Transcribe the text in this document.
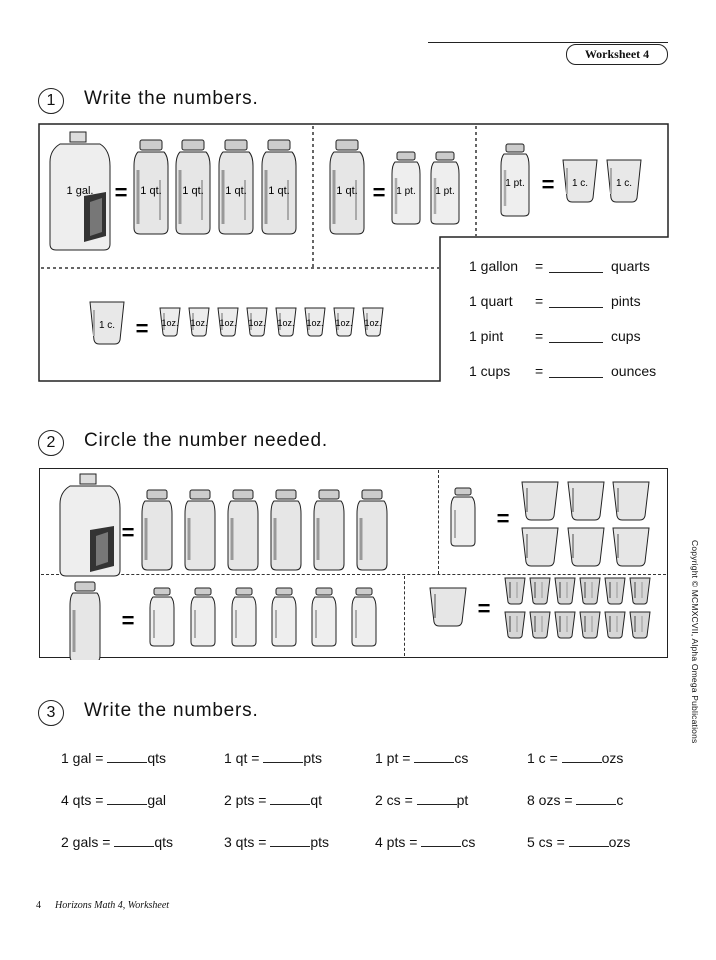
Worksheet 4
1	Write the numbers.
1 gal. = 1 qt. 1 qt. 1 qt. 1 qt.	1 qt. = 1 pt. 1 pt.
1 pt. = 1 c.	1 c.
1 c. = 1oz. 1oz. 1oz. 1oz. 1oz. 1oz. 1oz. 1oz.
1 gallon =	quarts
1 quart =	pints
1 pint =	cups
1 cups =	ounces
2	Circle the number needed.
=
=
=	=
3	Write the numbers.
1 gal =	qts	1 qt =	pts	1 pt =	cs	1 c =	ozs
4 qts =	gal	2 pts =	qt	2 cs =	pt	8 ozs =	c
2 gals =	qts	3 qts =	pts	4 pts =	cs	5 cs =	ozs
Copyright © MCMXCVII, Alpha Omega Publications
4 Horizons Math 4, Worksheet
